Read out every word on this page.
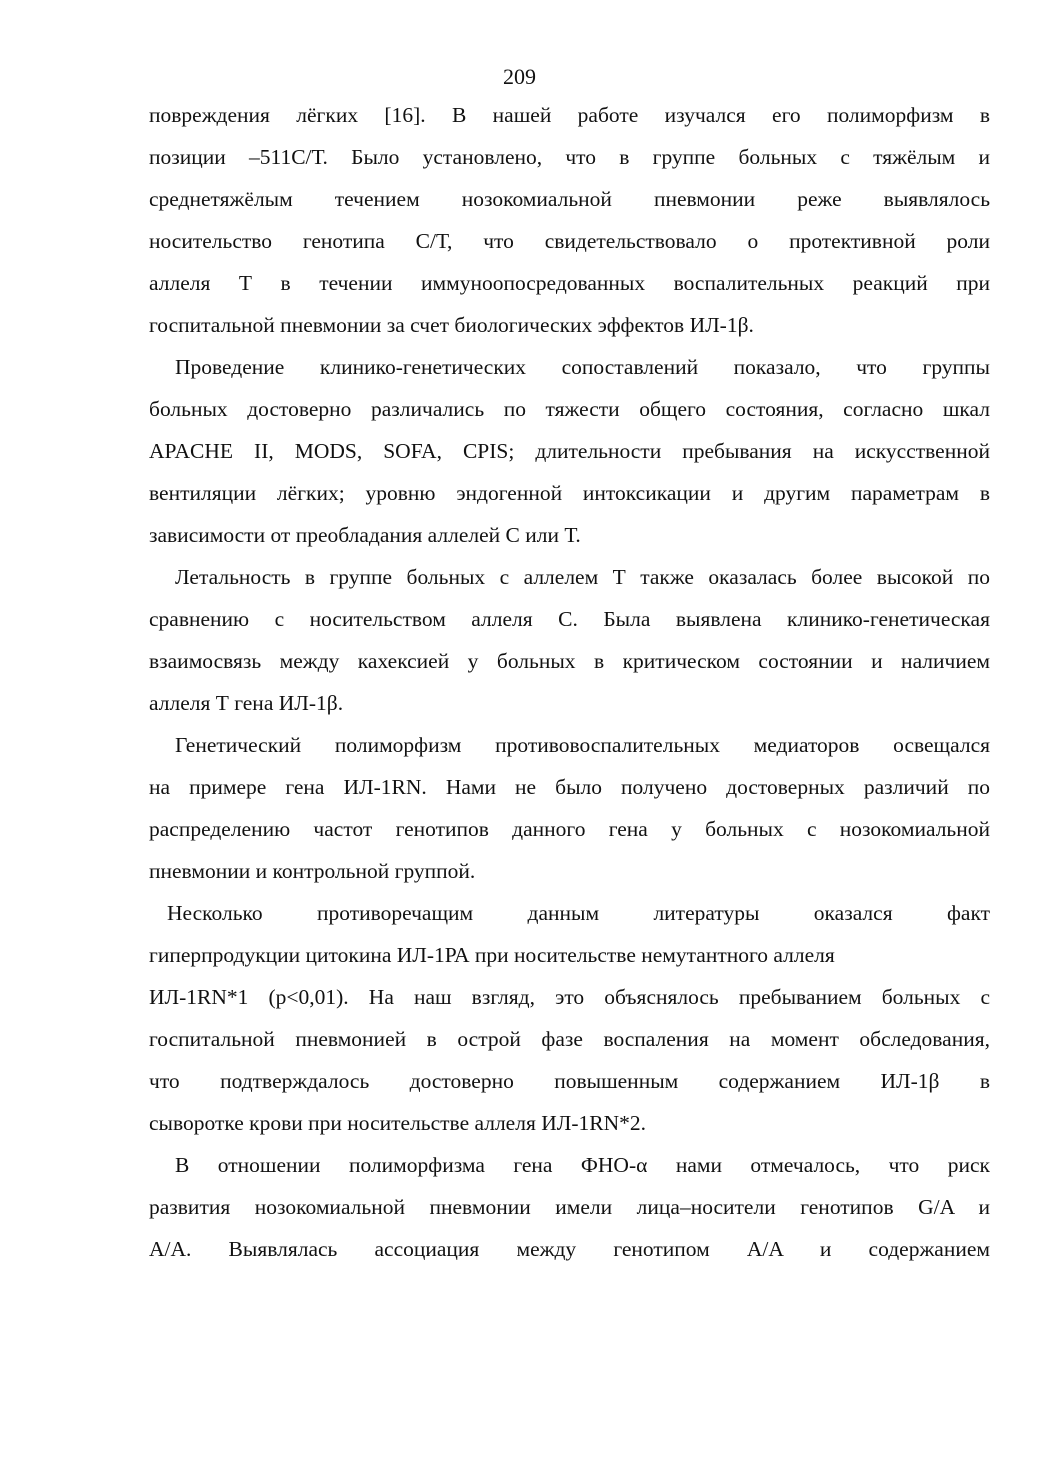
209
повреждения лёгких [16]. В нашей работе изучался его полиморфизм в
позиции –511С/Т. Было установлено, что в группе больных с тяжёлым и
среднетяжёлым течением нозокомиальной пневмонии реже выявлялось
носительство генотипа С/Т, что свидетельствовало о протективной роли
аллеля Т в течении иммуноопосредованных воспалительных реакций при
госпитальной пневмонии за счет биологических эффектов ИЛ-1β.
Проведение клинико-генетических сопоставлений показало, что группы
больных достоверно различались по тяжести общего состояния, согласно шкал
APACHE II, MODS, SOFA, CPIS; длительности пребывания на искусственной
вентиляции лёгких; уровню эндогенной интоксикации и другим параметрам в
зависимости от преобладания аллелей С или Т.
Летальность в группе больных с аллелем Т также оказалась более высокой по
сравнению с носительством аллеля С. Была выявлена клинико-генетическая
взаимосвязь между кахексией у больных в критическом состоянии и наличием
аллеля Т гена ИЛ-1β.
Генетический полиморфизм противовоспалительных медиаторов освещался
на примере гена ИЛ-1RN. Нами не было получено достоверных различий по
распределению частот генотипов данного гена у больных с нозокомиальной
пневмонии и контрольной группой.
Несколько противоречащим данным литературы оказался факт
гиперпродукции цитокина ИЛ-1РА при носительстве немутантного аллеля
ИЛ-1RN*1 (р<0,01). На наш взгляд, это объяснялось пребыванием больных с
госпитальной пневмонией в острой фазе воспаления на момент обследования,
что подтверждалось достоверно повышенным содержанием ИЛ-1β в
сыворотке крови при носительстве аллеля ИЛ-1RN*2.
В отношении полиморфизма гена ФНО-α нами отмечалось, что риск
развития нозокомиальной пневмонии имели лица–носители генотипов G/A и
A/A. Выявлялась ассоциация между генотипом A/A и содержанием
